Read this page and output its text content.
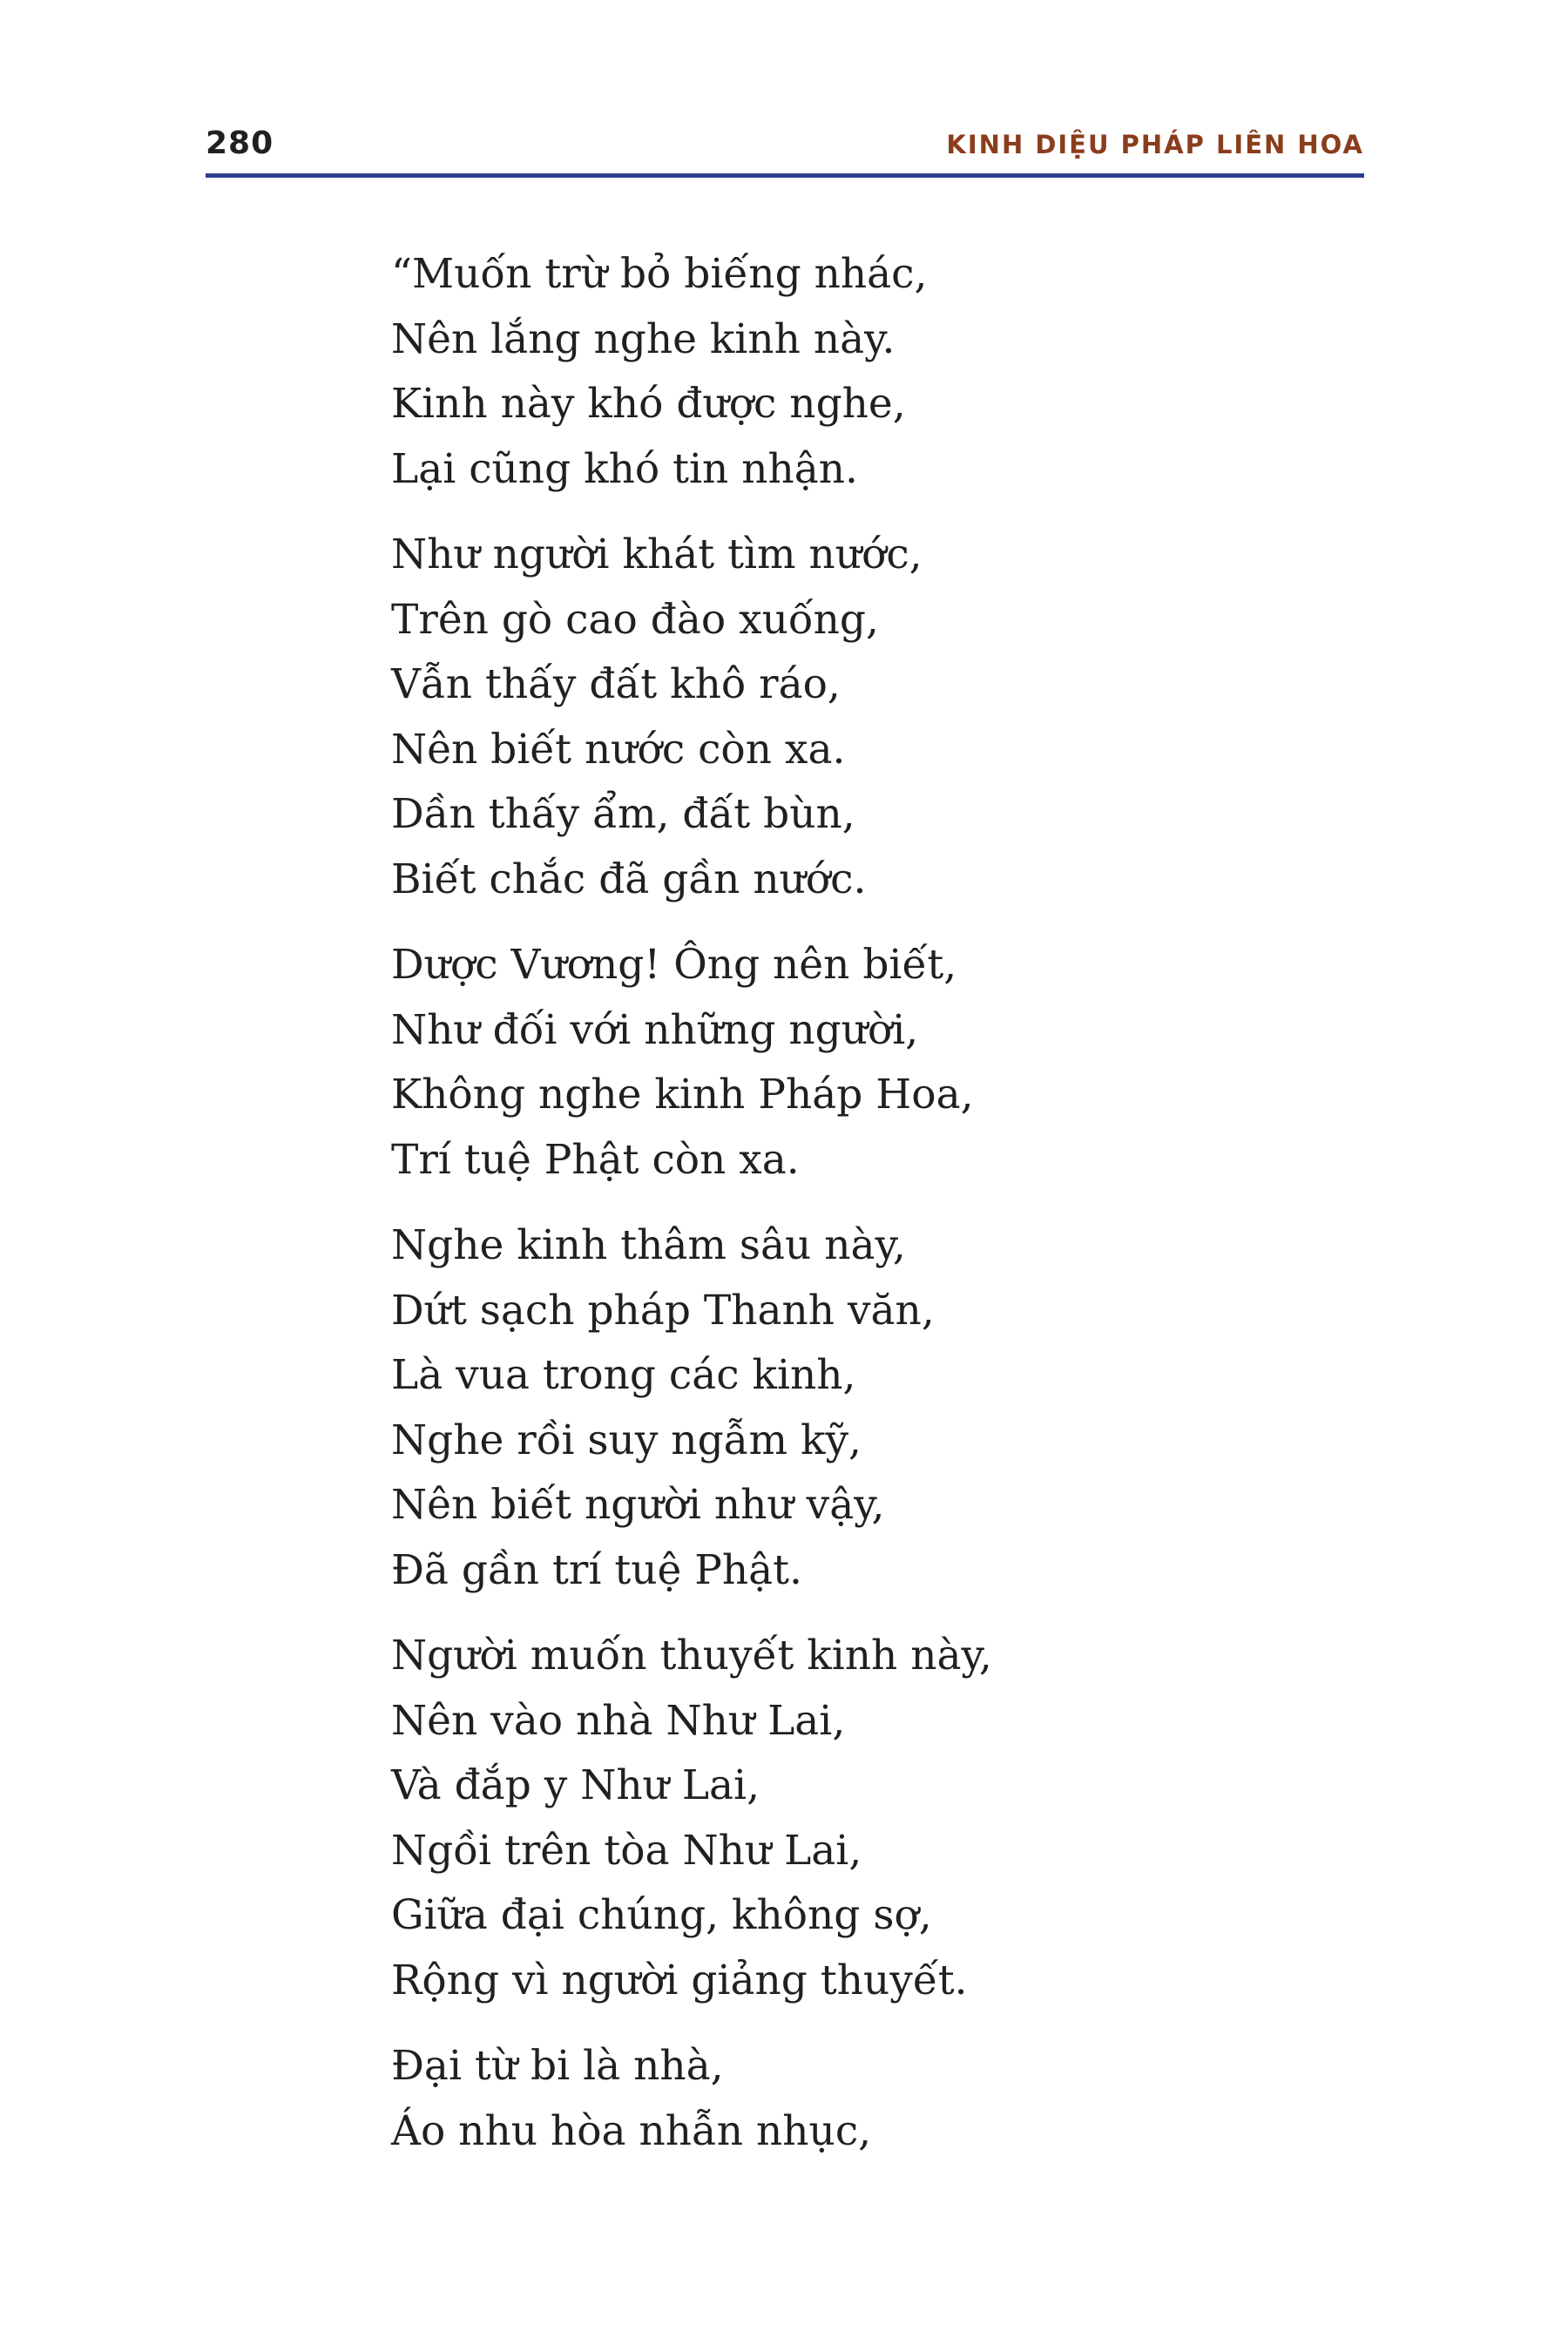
280	KINH DIỆU PHÁP LIÊN HOA
“Muốn trừ bỏ biếng nhác,
Nên lắng nghe kinh này.
Kinh này khó được nghe,
Lại cũng khó tin nhận.
Như người khát tìm nước,
Trên gò cao đào xuống,
Vẫn thấy đất khô ráo,
Nên biết nước còn xa.
Dần thấy ẩm, đất bùn,
Biết chắc đã gần nước.
Dược Vương! Ông nên biết,
Như đối với những người,
Không nghe kinh Pháp Hoa,
Trí tuệ Phật còn xa.
Nghe kinh thâm sâu này,
Dứt sạch pháp Thanh văn,
Là vua trong các kinh,
Nghe rồi suy ngẫm kỹ,
Nên biết người như vậy,
Đã gần trí tuệ Phật.
Người muốn thuyết kinh này,
Nên vào nhà Như Lai,
Và đắp y Như Lai,
Ngồi trên tòa Như Lai,
Giữa đại chúng, không sợ,
Rộng vì người giảng thuyết.
Đại từ bi là nhà,
Áo nhu hòa nhẫn nhục,
